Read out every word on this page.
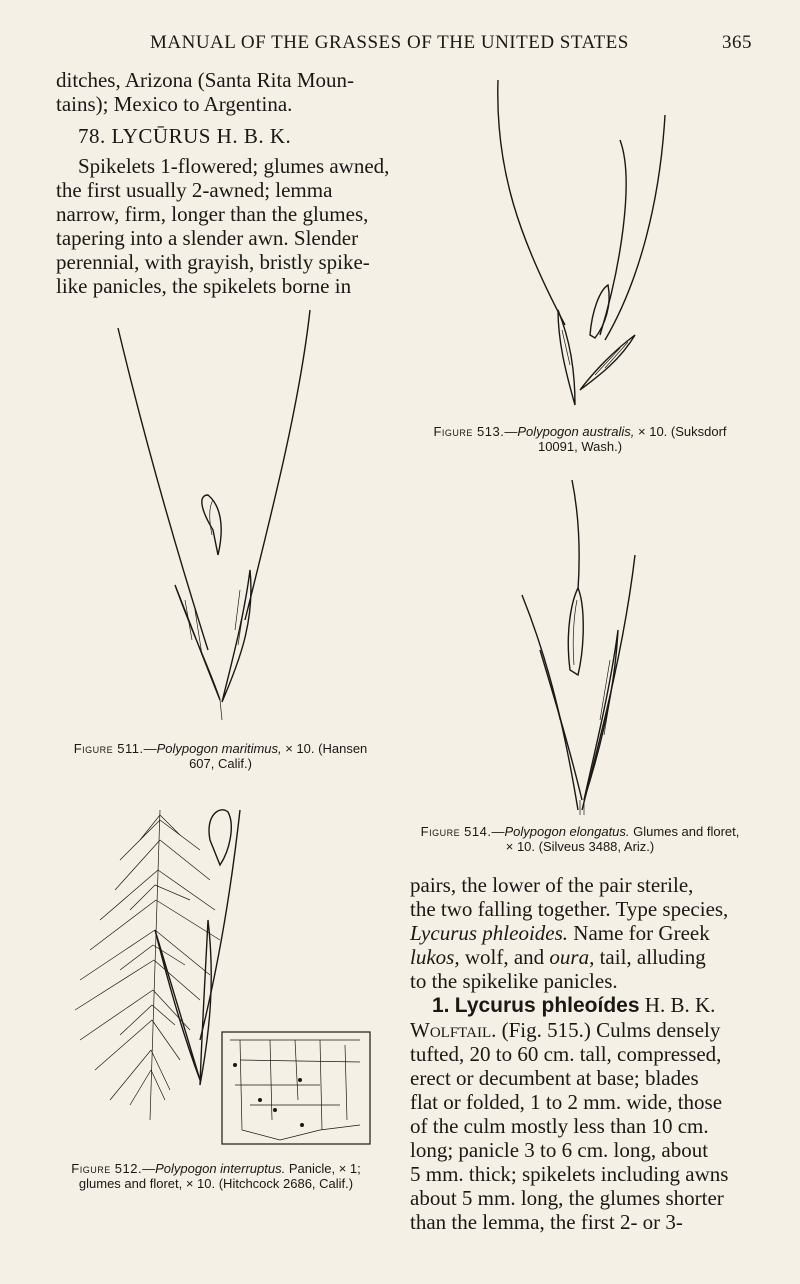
MANUAL OF THE GRASSES OF THE UNITED STATES	365

ditches, Arizona (Santa Rita Moun-

tains); Mexico to Argentina.

78. LYCŪRUS H. B. K.

Spikelets 1-flowered; glumes awned,

the first usually 2-awned; lemma

narrow, firm, longer than the glumes,

tapering into a slender awn. Slender

perennial, with grayish, bristly spike-

like panicles, the spikelets borne in

Figure 511.—Polypogon maritimus, × 10. (Hansen
607, Calif.)
Figure 512.—Polypogon interruptus. Panicle, × 1;
glumes and floret, × 10. (Hitchcock 2686, Calif.)
Figure 513.—Polypogon australis, × 10. (Suksdorf
10091, Wash.)
Figure 514.—Polypogon elongatus. Glumes and floret,
× 10. (Silveus 3488, Ariz.)

pairs, the lower of the pair sterile,

the two falling together. Type species,

Lycurus phleoides. Name for Greek

lukos, wolf, and oura, tail, alluding

to the spikelike panicles.

1. Lycurus phleoídes H. B. K.

Wolftail. (Fig. 515.) Culms densely

tufted, 20 to 60 cm. tall, compressed,

erect or decumbent at base; blades

flat or folded, 1 to 2 mm. wide, those

of the culm mostly less than 10 cm.

long; panicle 3 to 6 cm. long, about

5 mm. thick; spikelets including awns

about 5 mm. long, the glumes shorter

than the lemma, the first 2- or 3-
